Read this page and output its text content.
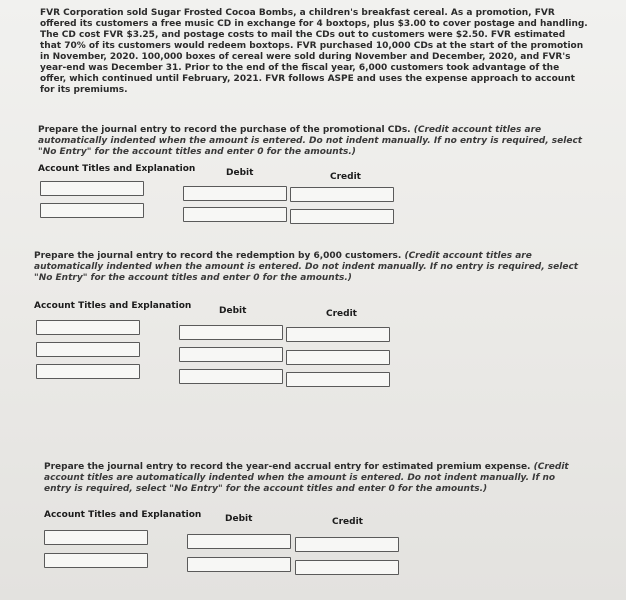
FVR Corporation sold Sugar Frosted Cocoa Bombs, a children's breakfast cereal. As a promotion, FVR offered its customers a free music CD in exchange for 4 boxtops, plus $3.00 to cover postage and handling. The CD cost FVR $3.25, and postage costs to mail the CDs out to customers were $2.50. FVR estimated that 70% of its customers would redeem boxtops. FVR purchased 10,000 CDs at the start of the promotion in November, 2020. 100,000 boxes of cereal were sold during November and December, 2020, and FVR's year-end was December 31. Prior to the end of the fiscal year, 6,000 customers took advantage of the offer, which continued until February, 2021. FVR follows ASPE and uses the expense approach to account for its premiums.
Prepare the journal entry to record the purchase of the promotional CDs. (Credit account titles are automatically indented when the amount is entered. Do not indent manually. If no entry is required, select "No Entry" for the account titles and enter 0 for the amounts.)
Account Titles and Explanation	Debit	Credit
Prepare the journal entry to record the redemption by 6,000 customers. (Credit account titles are automatically indented when the amount is entered. Do not indent manually. If no entry is required, select "No Entry" for the account titles and enter 0 for the amounts.)
Account Titles and Explanation	Debit	Credit
Prepare the journal entry to record the year-end accrual entry for estimated premium expense. (Credit account titles are automatically indented when the amount is entered. Do not indent manually. If no entry is required, select "No Entry" for the account titles and enter 0 for the amounts.)
Account Titles and Explanation	Debit	Credit
